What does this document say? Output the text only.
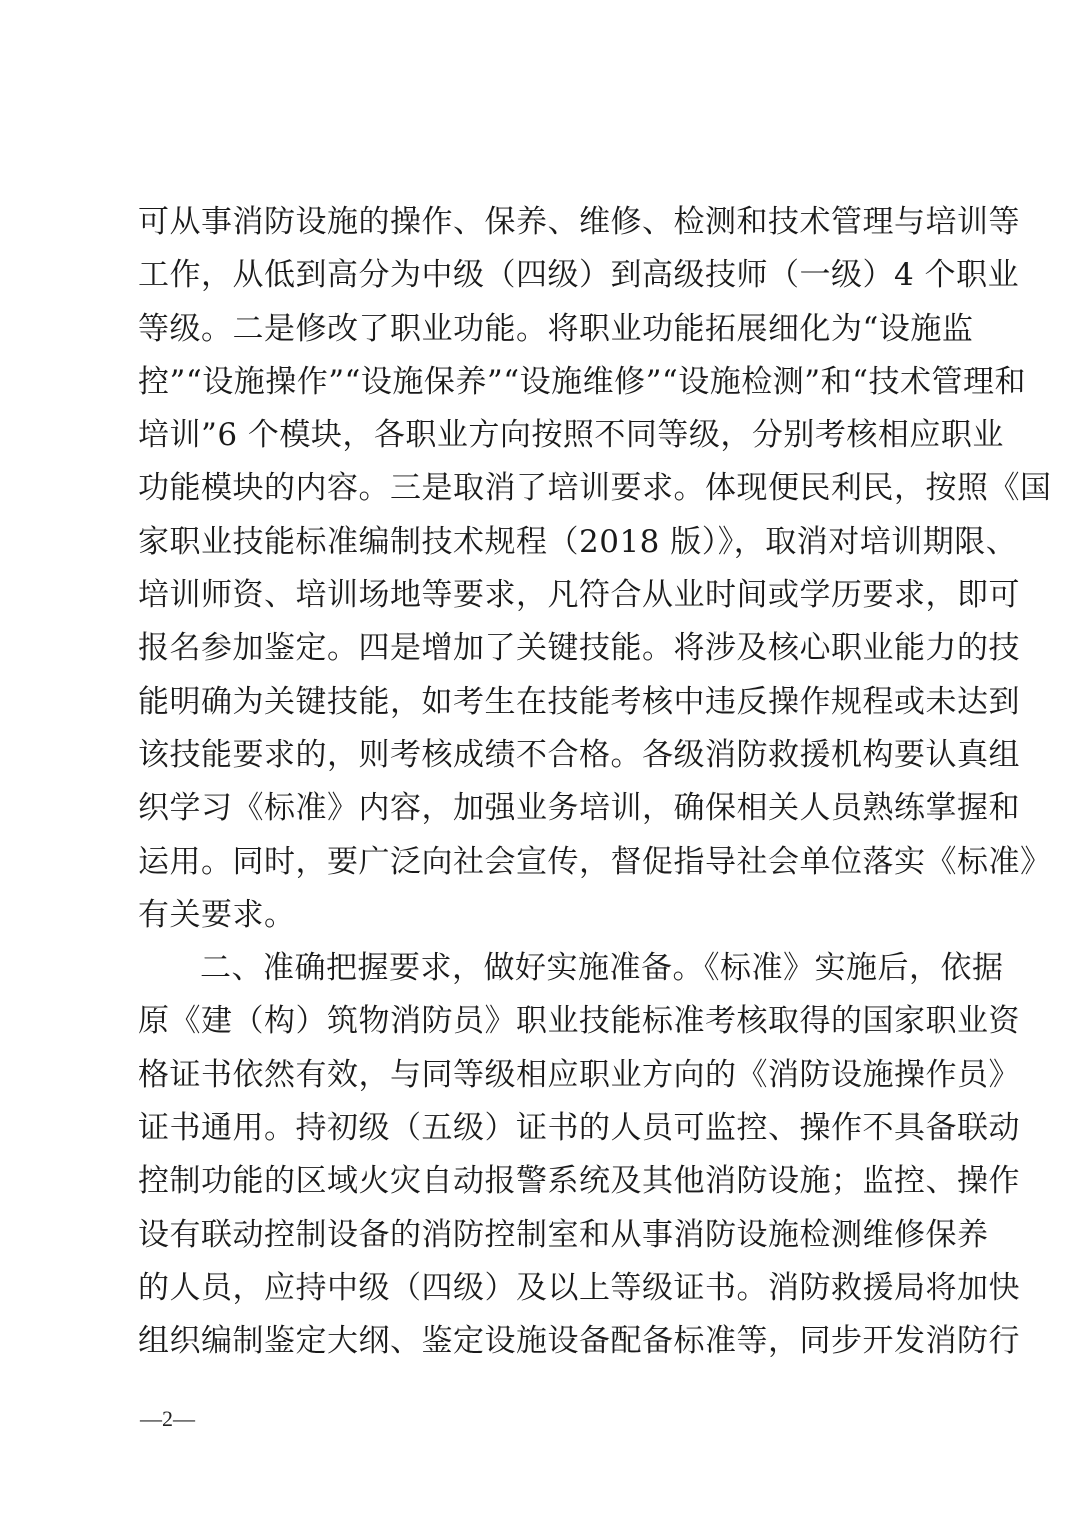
可从事消防设施的操作、保养、维修、检测和技术管理与培训等
工作，从低到高分为中级（四级）到高级技师（一级）4 个职业
等级。二是修改了职业功能。将职业功能拓展细化为“设施监
控”“设施操作”“设施保养”“设施维修”“设施检测”和“技术管理和
培训”6 个模块，各职业方向按照不同等级，分别考核相应职业
功能模块的内容。三是取消了培训要求。体现便民利民，按照《国
家职业技能标准编制技术规程（2018 版）》，取消对培训期限、
培训师资、培训场地等要求，凡符合从业时间或学历要求，即可
报名参加鉴定。四是增加了关键技能。将涉及核心职业能力的技
能明确为关键技能，如考生在技能考核中违反操作规程或未达到
该技能要求的，则考核成绩不合格。各级消防救援机构要认真组
织学习《标准》内容，加强业务培训，确保相关人员熟练掌握和
运用。同时，要广泛向社会宣传，督促指导社会单位落实《标准》
有关要求。
二、准确把握要求，做好实施准备。《标准》实施后，依据
原《建（构）筑物消防员》职业技能标准考核取得的国家职业资
格证书依然有效，与同等级相应职业方向的《消防设施操作员》
证书通用。持初级（五级）证书的人员可监控、操作不具备联动
控制功能的区域火灾自动报警系统及其他消防设施；监控、操作
设有联动控制设备的消防控制室和从事消防设施检测维修保养
的人员，应持中级（四级）及以上等级证书。消防救援局将加快
组织编制鉴定大纲、鉴定设施设备配备标准等，同步开发消防行
—2—
